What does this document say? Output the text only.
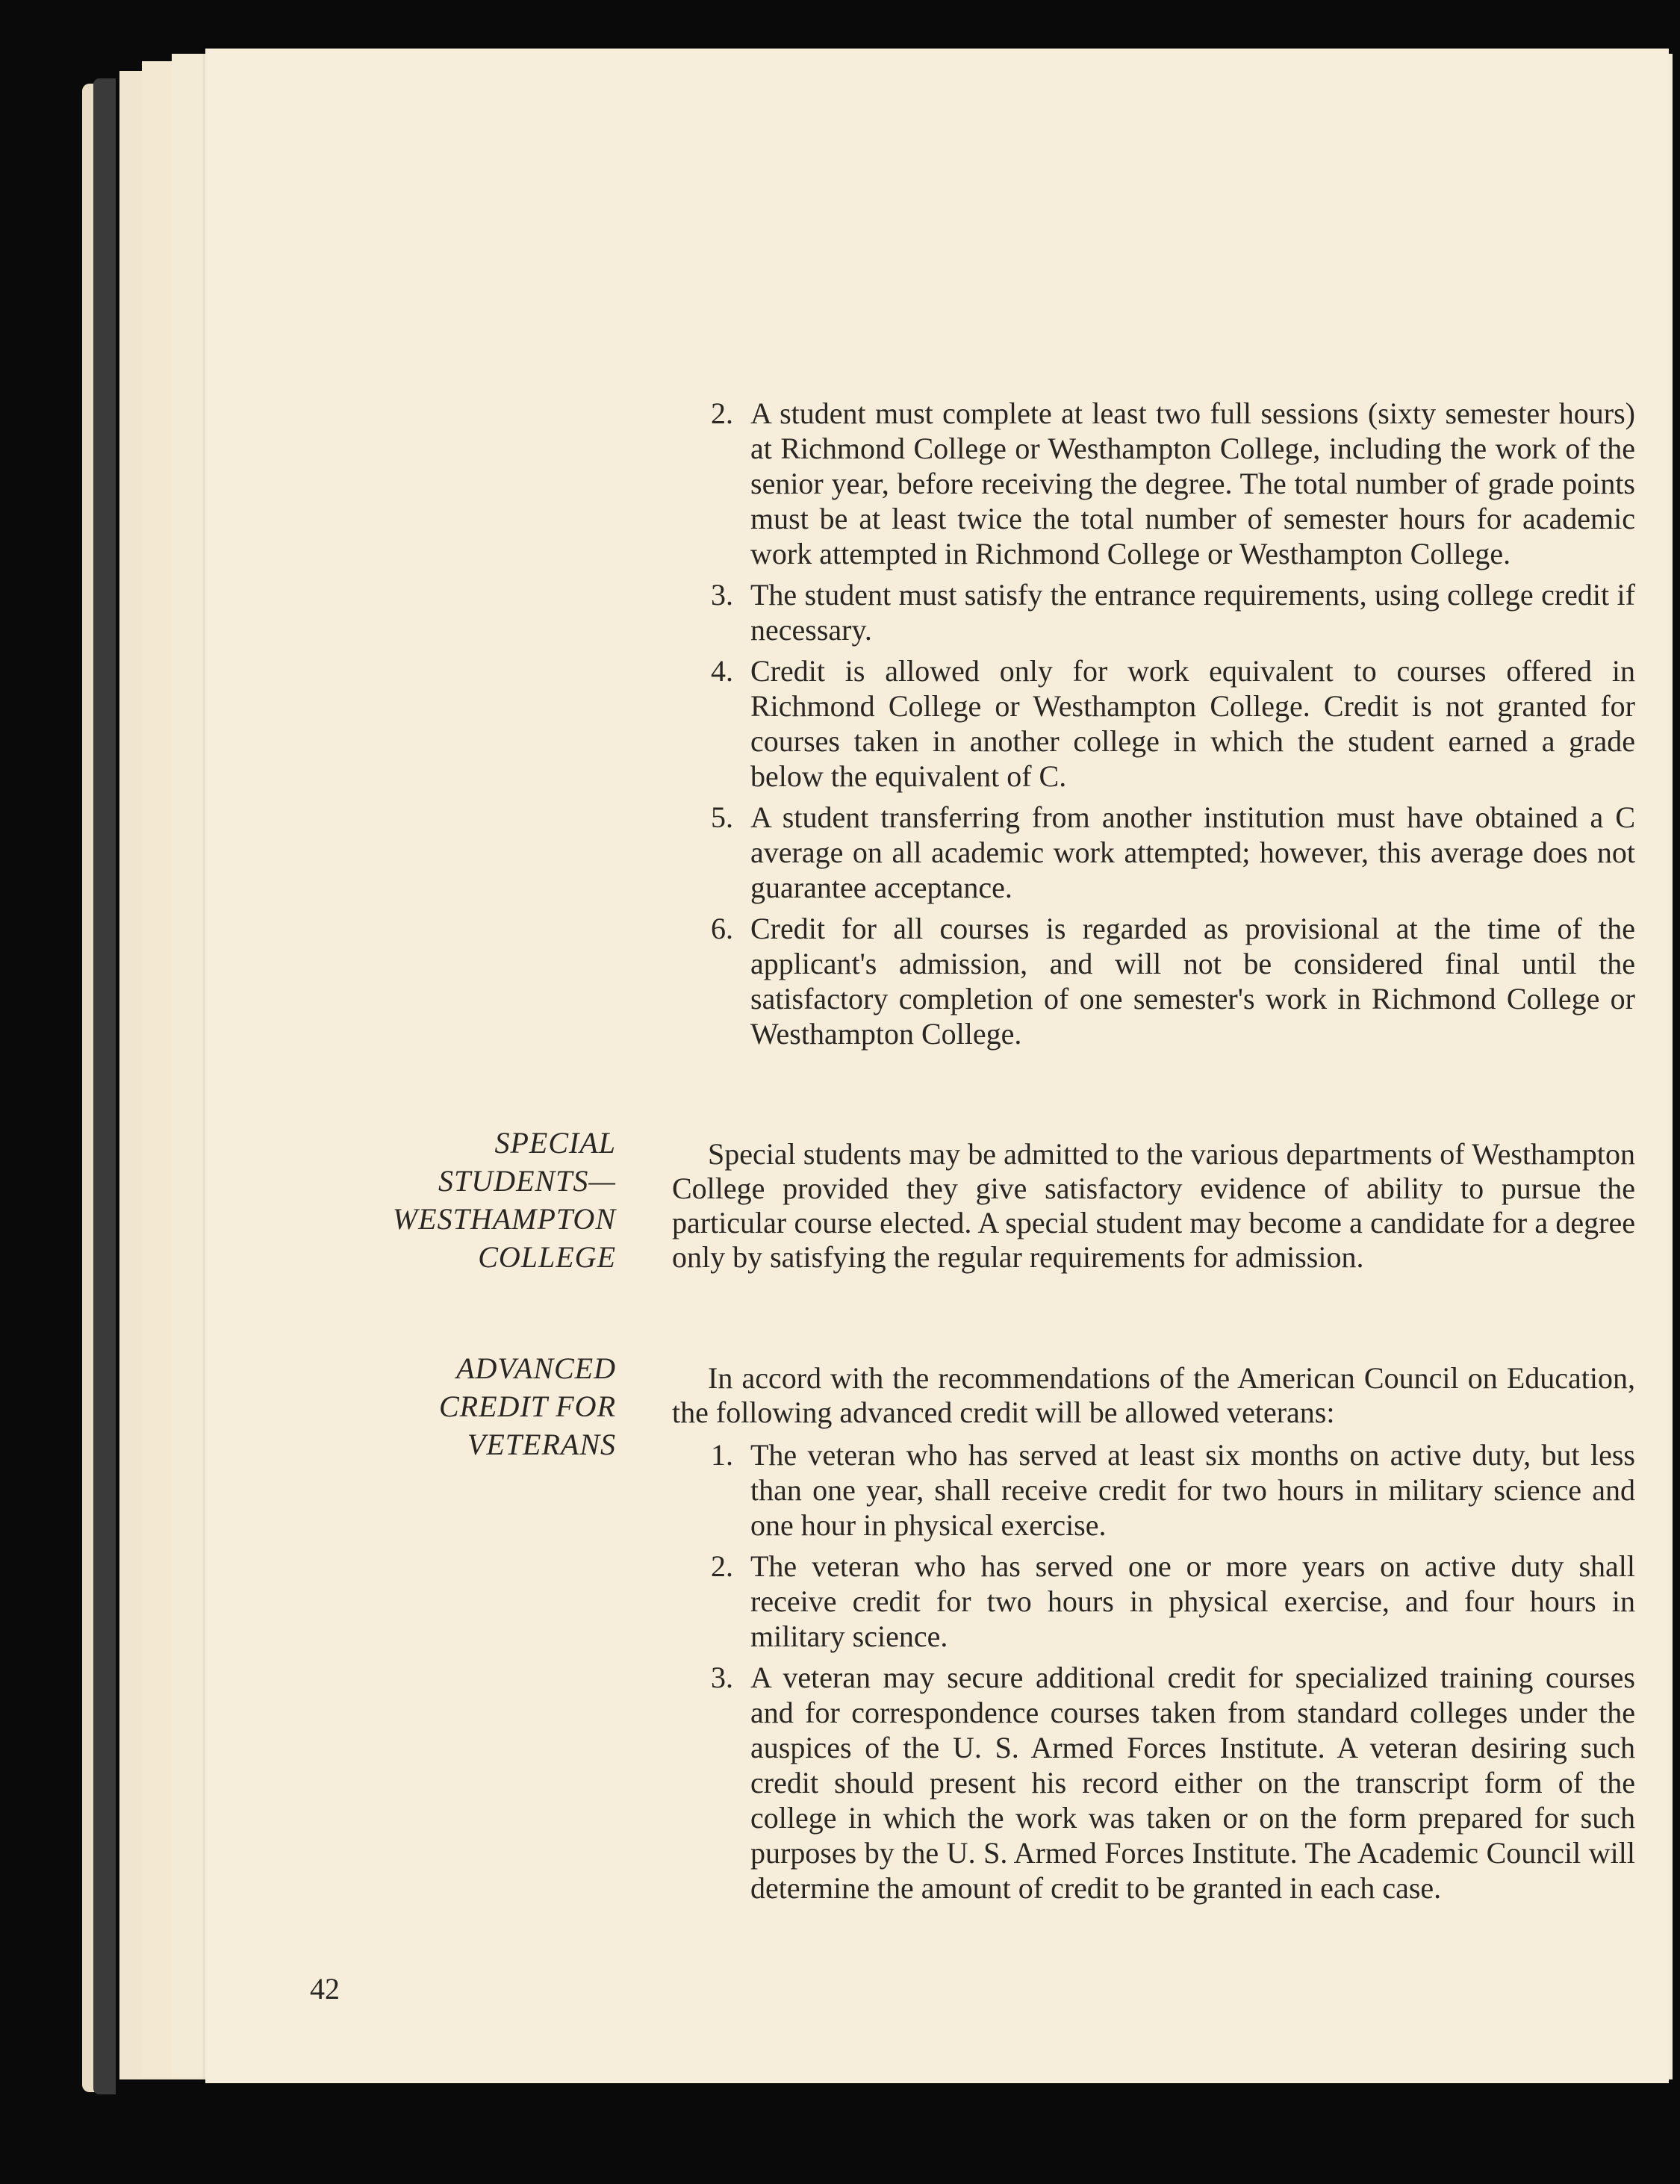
2. A student must complete at least two full sessions (sixty semester hours) at Richmond College or Westhampton College, including the work of the senior year, before receiving the degree. The total number of grade points must be at least twice the total number of semester hours for academic work attempted in Richmond College or Westhampton College.
3. The student must satisfy the entrance requirements, using college credit if necessary.
4. Credit is allowed only for work equivalent to courses offered in Richmond College or Westhampton College. Credit is not granted for courses taken in another college in which the student earned a grade below the equivalent of C.
5. A student transferring from another institution must have obtained a C average on all academic work attempted; however, this average does not guarantee acceptance.
6. Credit for all courses is regarded as provisional at the time of the applicant's admission, and will not be considered final until the satisfactory completion of one semester's work in Richmond College or Westhampton College.
SPECIAL
STUDENTS—
WESTHAMPTON
COLLEGE
Special students may be admitted to the various departments of Westhampton College provided they give satisfactory evidence of ability to pursue the particular course elected. A special student may become a candidate for a degree only by satisfying the regular requirements for admission.
ADVANCED
CREDIT FOR
VETERANS
In accord with the recommendations of the American Council on Education, the following advanced credit will be allowed veterans:
1. The veteran who has served at least six months on active duty, but less than one year, shall receive credit for two hours in military science and one hour in physical exercise.
2. The veteran who has served one or more years on active duty shall receive credit for two hours in physical exercise, and four hours in military science.
3. A veteran may secure additional credit for specialized training courses and for correspondence courses taken from standard colleges under the auspices of the U. S. Armed Forces Institute. A veteran desiring such credit should present his record either on the transcript form of the college in which the work was taken or on the form prepared for such purposes by the U. S. Armed Forces Institute. The Academic Council will determine the amount of credit to be granted in each case.
42
